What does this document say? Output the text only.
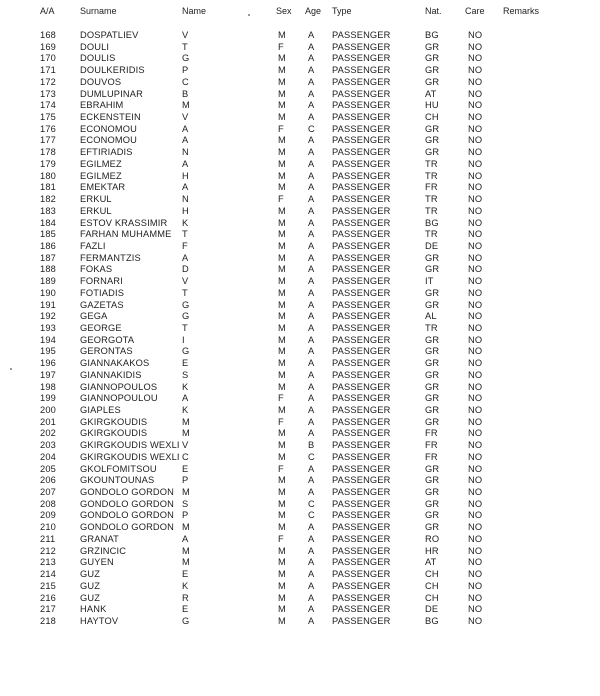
A/A	Surname	Name	Sex Age Type	Nat.	Care Remarks
168	DOSPATLIEV	V	M A PASSENGER	BG	NO
169	DOULI	T	F	A PASSENGER	GR	NO
170	DOULIS	G	M A PASSENGER	GR	NO
171	DOULKERIDIS	P	M A PASSENGER	GR	NO
172	DOUVOS	C	M A PASSENGER	GR	NO
173	DUMLUPINAR	B	M A PASSENGER	AT	NO
174	EBRAHIM	M	M A PASSENGER	HU	NO
175	ECKENSTEIN	V	M A PASSENGER	CH	NO
176	ECONOMOU	A	F	C PASSENGER	GR	NO
177	ECONOMOU	A	M A PASSENGER	GR	NO
178	EFTIRIADIS	N	M A PASSENGER	GR	NO
179	EGILMEZ	A	M A PASSENGER	TR	NO
180	EGILMEZ	H	M A PASSENGER	TR	NO
181	EMEKTAR	A	M A PASSENGER	FR	NO
182	ERKUL	N	F	A PASSENGER	TR	NO
183	ERKUL	H	M A PASSENGER	TR	NO
184	ESTOV KRASSIMIR K	M A PASSENGER	BG	NO
185	FARHAN MUHAMME T	M A PASSENGER	TR	NO
186	FAZLI	F	M A PASSENGER	DE	NO
187	FERMANTZIS	A	M A PASSENGER	GR	NO
188	FOKAS	D	M A PASSENGER	GR	NO
189	FORNARI	V	M A PASSENGER	IT	NO
190	FOTIADIS	T	M A PASSENGER	GR	NO
191	GAZETAS	G	M A PASSENGER	GR	NO
192	GEGA	G	M A PASSENGER	AL	NO
193	GEORGE	T	M A PASSENGER	TR	NO
194	GEORGOTA	I	M A PASSENGER	GR	NO
195	GERONTAS	G	M A PASSENGER	GR	NO
196	GIANNAKAKOS	E	M A PASSENGER	GR	NO
197	GIANNAKIDIS	S	M A PASSENGER	GR	NO
198	GIANNOPOULOS	K	M A PASSENGER	GR	NO
199	GIANNOPOULOU	A	F	A PASSENGER	GR	NO
200	GIAPLES	K	M A PASSENGER	GR	NO
201	GKIRGKOUDIS	M	F	A PASSENGER	GR	NO
202	GKIRGKOUDIS	M	M A PASSENGER	FR	NO
203	GKIRGKOUDIS WEXLI V	M B PASSENGER	FR	NO
204	GKIRGKOUDIS WEXLI C	M C PASSENGER	FR	NO
205	GKOLFOMITSOU	E	F	A PASSENGER	GR	NO
206	GKOUNTOUNAS	P	M A PASSENGER	GR	NO
207	GONDOLO GORDON M	M A PASSENGER	GR	NO
208	GONDOLO GORDON S	M C PASSENGER	GR	NO
209	GONDOLO GORDON P	M C PASSENGER	GR	NO
210	GONDOLO GORDON M	M A PASSENGER	GR	NO
211	GRANAT	A	F	A PASSENGER	RO	NO
212	GRZINCIC	M	M A PASSENGER	HR	NO
213	GUYEN	M	M A PASSENGER	AT	NO
214	GUZ	E	M A PASSENGER	CH	NO
215	GUZ	K	M A PASSENGER	CH	NO
216	GUZ	R	M A PASSENGER	CH	NO
217	HANK	E	M A PASSENGER	DE	NO
218	HAYTOV	G	M A PASSENGER	BG	NO
